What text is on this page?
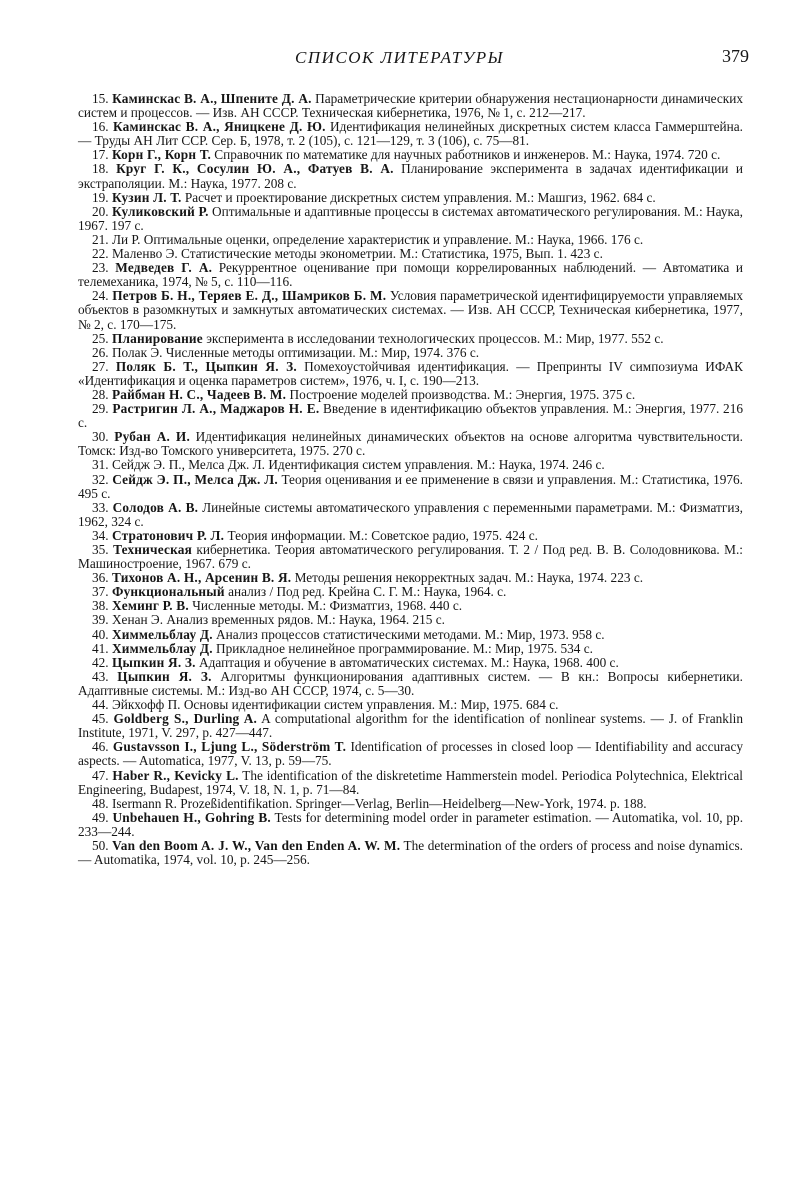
СПИСОК ЛИТЕРАТУРЫ	379

15. Каминскас В. А., Шпените Д. А. Параметрические критерии обнаружения нестационарности динамических систем и процессов. — Изв. АН СССР. Техническая кибернетика, 1976, № 1, с. 212—217.

16. Каминскас В. А., Яницкене Д. Ю. Идентификация нелинейных дискретных систем класса Гаммерштейна. — Труды АН Лит ССР. Сер. Б, 1978, т. 2 (105), с. 121—129, т. 3 (106), с. 75—81.

17. Корн Г., Корн Т. Справочник по математике для научных работников и инженеров. М.: Наука, 1974. 720 с.

18. Круг Г. К., Сосулин Ю. А., Фатуев В. А. Планирование эксперимента в задачах идентификации и экстраполяции. М.: Наука, 1977. 208 с.

19. Кузин Л. Т. Расчет и проектирование дискретных систем управления. М.: Машгиз, 1962. 684 с.

20. Куликовский Р. Оптимальные и адаптивные процессы в системах автоматического регулирования. М.: Наука, 1967. 197 с.

21. Ли Р. Оптимальные оценки, определение характеристик и управление. М.: Наука, 1966. 176 с.

22. Маленво Э. Статистические методы эконометрии. М.: Статистика, 1975, Вып. 1. 423 с.

23. Медведев Г. А. Рекуррентное оценивание при помощи коррелированных наблюдений. — Автоматика и телемеханика, 1974, № 5, с. 110—116.

24. Петров Б. Н., Теряев Е. Д., Шамриков Б. М. Условия параметрической идентифицируемости управляемых объектов в разомкнутых и замкнутых автоматических системах. — Изв. АН СССР, Техническая кибернетика, 1977, № 2, с. 170—175.

25. Планирование эксперимента в исследовании технологических процессов. М.: Мир, 1977. 552 с.

26. Полак Э. Численные методы оптимизации. М.: Мир, 1974. 376 с.

27. Поляк Б. Т., Цыпкин Я. З. Помехоустойчивая идентификация. — Препринты IV симпозиума ИФАК «Идентификация и оценка параметров систем», 1976, ч. I, с. 190—213.

28. Райбман Н. С., Чадеев В. М. Построение моделей производства. М.: Энергия, 1975. 375 с.

29. Растригин Л. А., Маджаров Н. Е. Введение в идентификацию объектов управления. М.: Энергия, 1977. 216 с.

30. Рубан А. И. Идентификация нелинейных динамических объектов на основе алгоритма чувствительности. Томск: Изд-во Томского университета, 1975. 270 с.

31. Сейдж Э. П., Мелса Дж. Л. Идентификация систем управления. М.: Наука, 1974. 246 с.

32. Сейдж Э. П., Мелса Дж. Л. Теория оценивания и ее применение в связи и управления. М.: Статистика, 1976. 495 с.

33. Солодов А. В. Линейные системы автоматического управления с переменными параметрами. М.: Физматгиз, 1962, 324 с.

34. Стратонович Р. Л. Теория информации. М.: Советское радио, 1975. 424 с.

35. Техническая кибернетика. Теория автоматического регулирования. Т. 2 / Под ред. В. В. Солодовникова. М.: Машиностроение, 1967. 679 с.

36. Тихонов А. Н., Арсенин В. Я. Методы решения некорректных задач. М.: Наука, 1974. 223 с.

37. Функциональный анализ / Под ред. Крейна С. Г. М.: Наука, 1964. с.

38. Хеминг Р. В. Численные методы. М.: Физматгиз, 1968. 440 с.

39. Хенан Э. Анализ временных рядов. М.: Наука, 1964. 215 с.

40. Химмельблау Д. Анализ процессов статистическими методами. М.: Мир, 1973. 958 с.

41. Химмельблау Д. Прикладное нелинейное программирование. М.: Мир, 1975. 534 с.

42. Цыпкин Я. З. Адаптация и обучение в автоматических системах. М.: Наука, 1968. 400 с.

43. Цыпкин Я. З. Алгоритмы функционирования адаптивных систем. — В кн.: Вопросы кибернетики. Адаптивные системы. М.: Изд-во АН СССР, 1974, с. 5—30.

44. Эйкхофф П. Основы идентификации систем управления. М.: Мир, 1975. 684 с.

45. Goldberg S., Durling A. A computational algorithm for the identification of nonlinear systems. — J. of Franklin Institute, 1971, V. 297, p. 427—447.

46. Gustavsson I., Ljung L., Söderström T. Identification of processes in closed loop — Identifiability and accuracy aspects. — Automatica, 1977, V. 13, p. 59—75.

47. Haber R., Kevicky L. The identification of the diskretetime Hammerstein model. Periodica Polytechnica, Elektrical Engineering, Budapest, 1974, V. 18, N. 1, p. 71—84.

48. Isermann R. Prozeßidentifikation. Springer—Verlag, Berlin—Heidelberg—New-York, 1974. p. 188.

49. Unbehauen H., Gohring B. Tests for determining model order in parameter estimation. — Automatika, vol. 10, pp. 233—244.

50. Van den Boom A. J. W., Van den Enden A. W. M. The determination of the orders of process and noise dynamics. — Automatika, 1974, vol. 10, p. 245—256.
